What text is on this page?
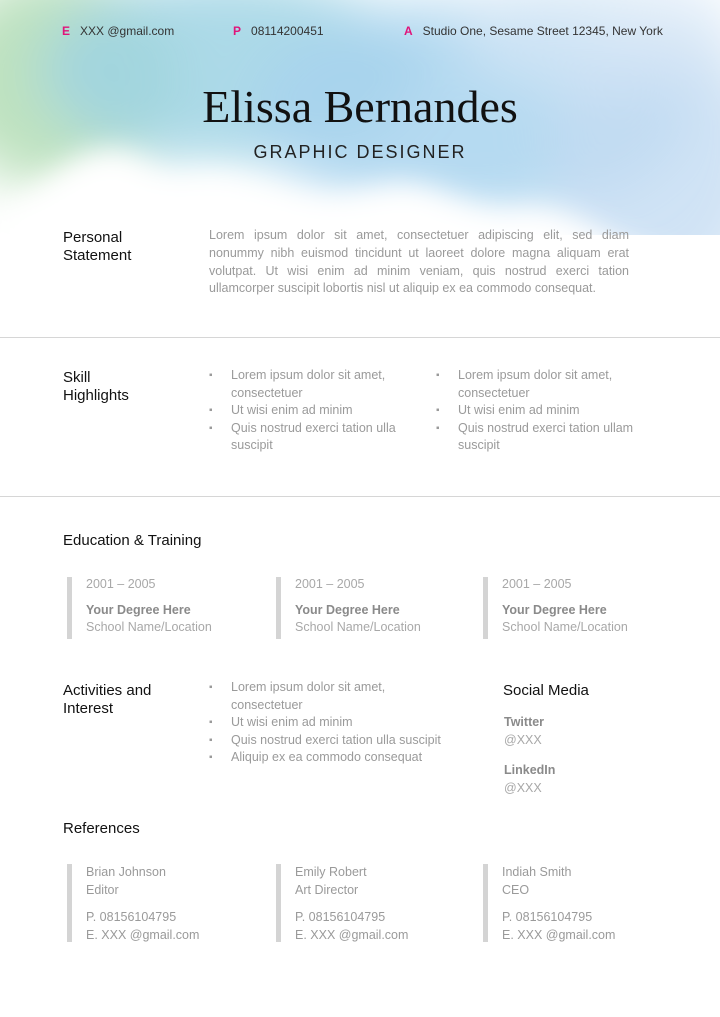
E XXX @gmail.com	P 08114200451	A Studio One, Sesame Street 12345, New York
Elissa Bernandes
GRAPHIC DESIGNER
Personal
Statement
Lorem ipsum dolor sit amet, consectetuer adipiscing elit, sed diam nonummy nibh euismod tincidunt ut laoreet dolore magna aliquam erat volutpat. Ut wisi enim ad minim veniam, quis nostrud exerci tation ullamcorper suscipit lobortis nisl ut aliquip ex ea commodo consequat.
Skill
Highlights
▪ Lorem ipsum dolor sit amet, consectetuer
▪ Ut wisi enim ad minim
▪ Quis nostrud exerci tation ulla suscipit
▪ Lorem ipsum dolor sit amet, consectetuer
▪ Ut wisi enim ad minim
▪ Quis nostrud exerci tation ullam suscipit
Education & Training
2001 – 2005
Your Degree Here
School Name/Location
2001 – 2005
Your Degree Here
School Name/Location
2001 – 2005
Your Degree Here
School Name/Location
Activities and
Interest
▪ Lorem ipsum dolor sit amet, consectetuer
▪ Ut wisi enim ad minim
▪ Quis nostrud exerci tation ulla suscipit
▪ Aliquip ex ea commodo consequat
Social Media
Twitter
@XXX
LinkedIn
@XXX
References
Brian Johnson
Editor
P. 08156104795
E. XXX @gmail.com
Emily Robert
Art Director
P. 08156104795
E. XXX @gmail.com
Indiah Smith
CEO
P. 08156104795
E. XXX @gmail.com
